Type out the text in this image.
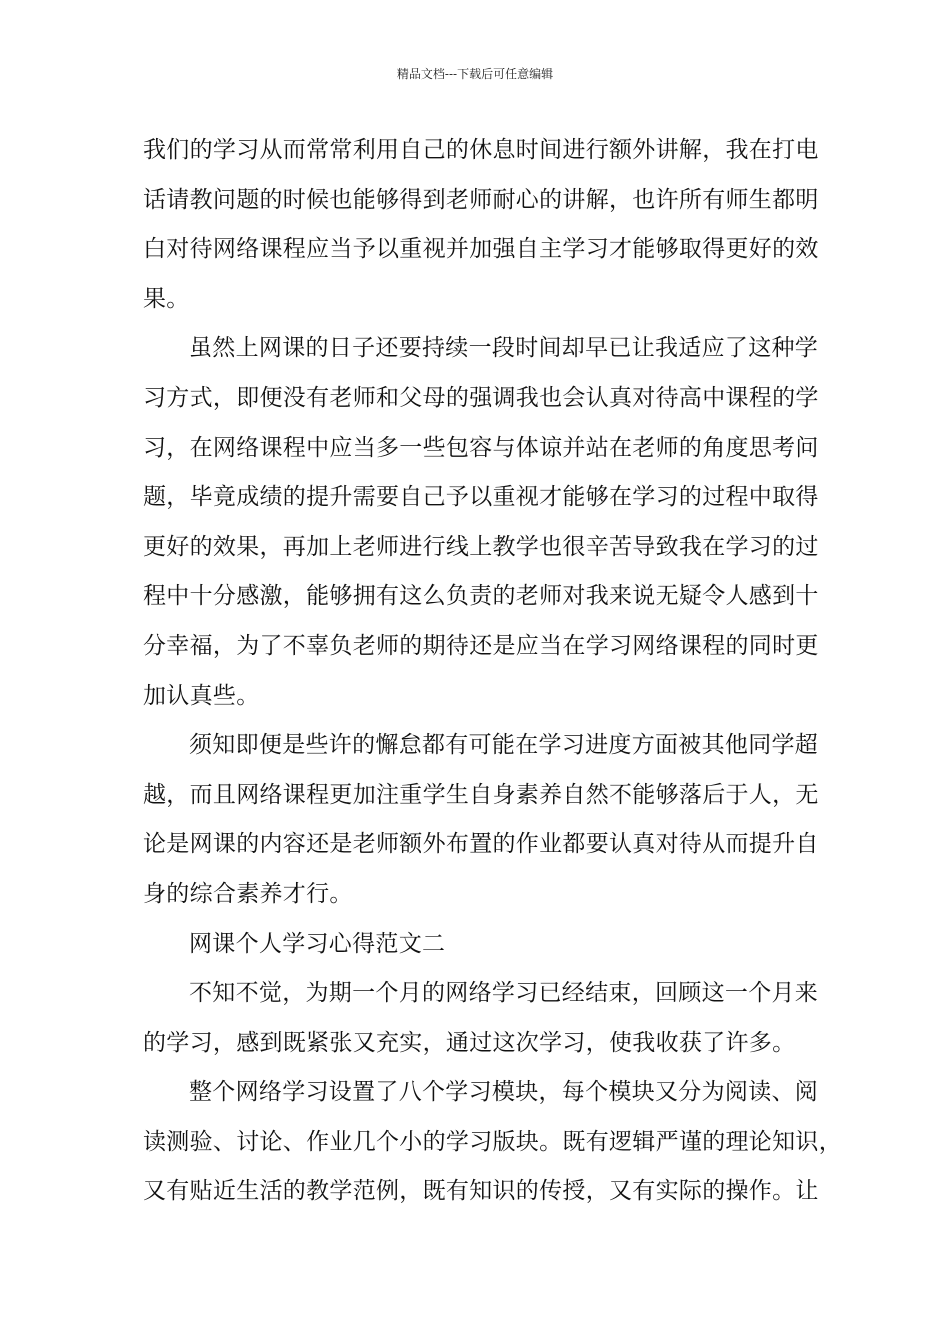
精品文档---下载后可任意编辑
我们的学习从而常常利用自己的休息时间进行额外讲解，我在打电
话请教问题的时候也能够得到老师耐心的讲解，也许所有师生都明
白对待网络课程应当予以重视并加强自主学习才能够取得更好的效
果。
虽然上网课的日子还要持续一段时间却早已让我适应了这种学
习方式，即便没有老师和父母的强调我也会认真对待高中课程的学
习，在网络课程中应当多一些包容与体谅并站在老师的角度思考问
题，毕竟成绩的提升需要自己予以重视才能够在学习的过程中取得
更好的效果，再加上老师进行线上教学也很辛苦导致我在学习的过
程中十分感激，能够拥有这么负责的老师对我来说无疑令人感到十
分幸福，为了不辜负老师的期待还是应当在学习网络课程的同时更
加认真些。
须知即便是些许的懈怠都有可能在学习进度方面被其他同学超
越，而且网络课程更加注重学生自身素养自然不能够落后于人，无
论是网课的内容还是老师额外布置的作业都要认真对待从而提升自
身的综合素养才行。
网课个人学习心得范文二
不知不觉，为期一个月的网络学习已经结束，回顾这一个月来
的学习，感到既紧张又充实，通过这次学习，使我收获了许多。
整个网络学习设置了八个学习模块，每个模块又分为阅读、阅
读测验、讨论、作业几个小的学习版块。既有逻辑严谨的理论知识，
又有贴近生活的教学范例，既有知识的传授，又有实际的操作。让
